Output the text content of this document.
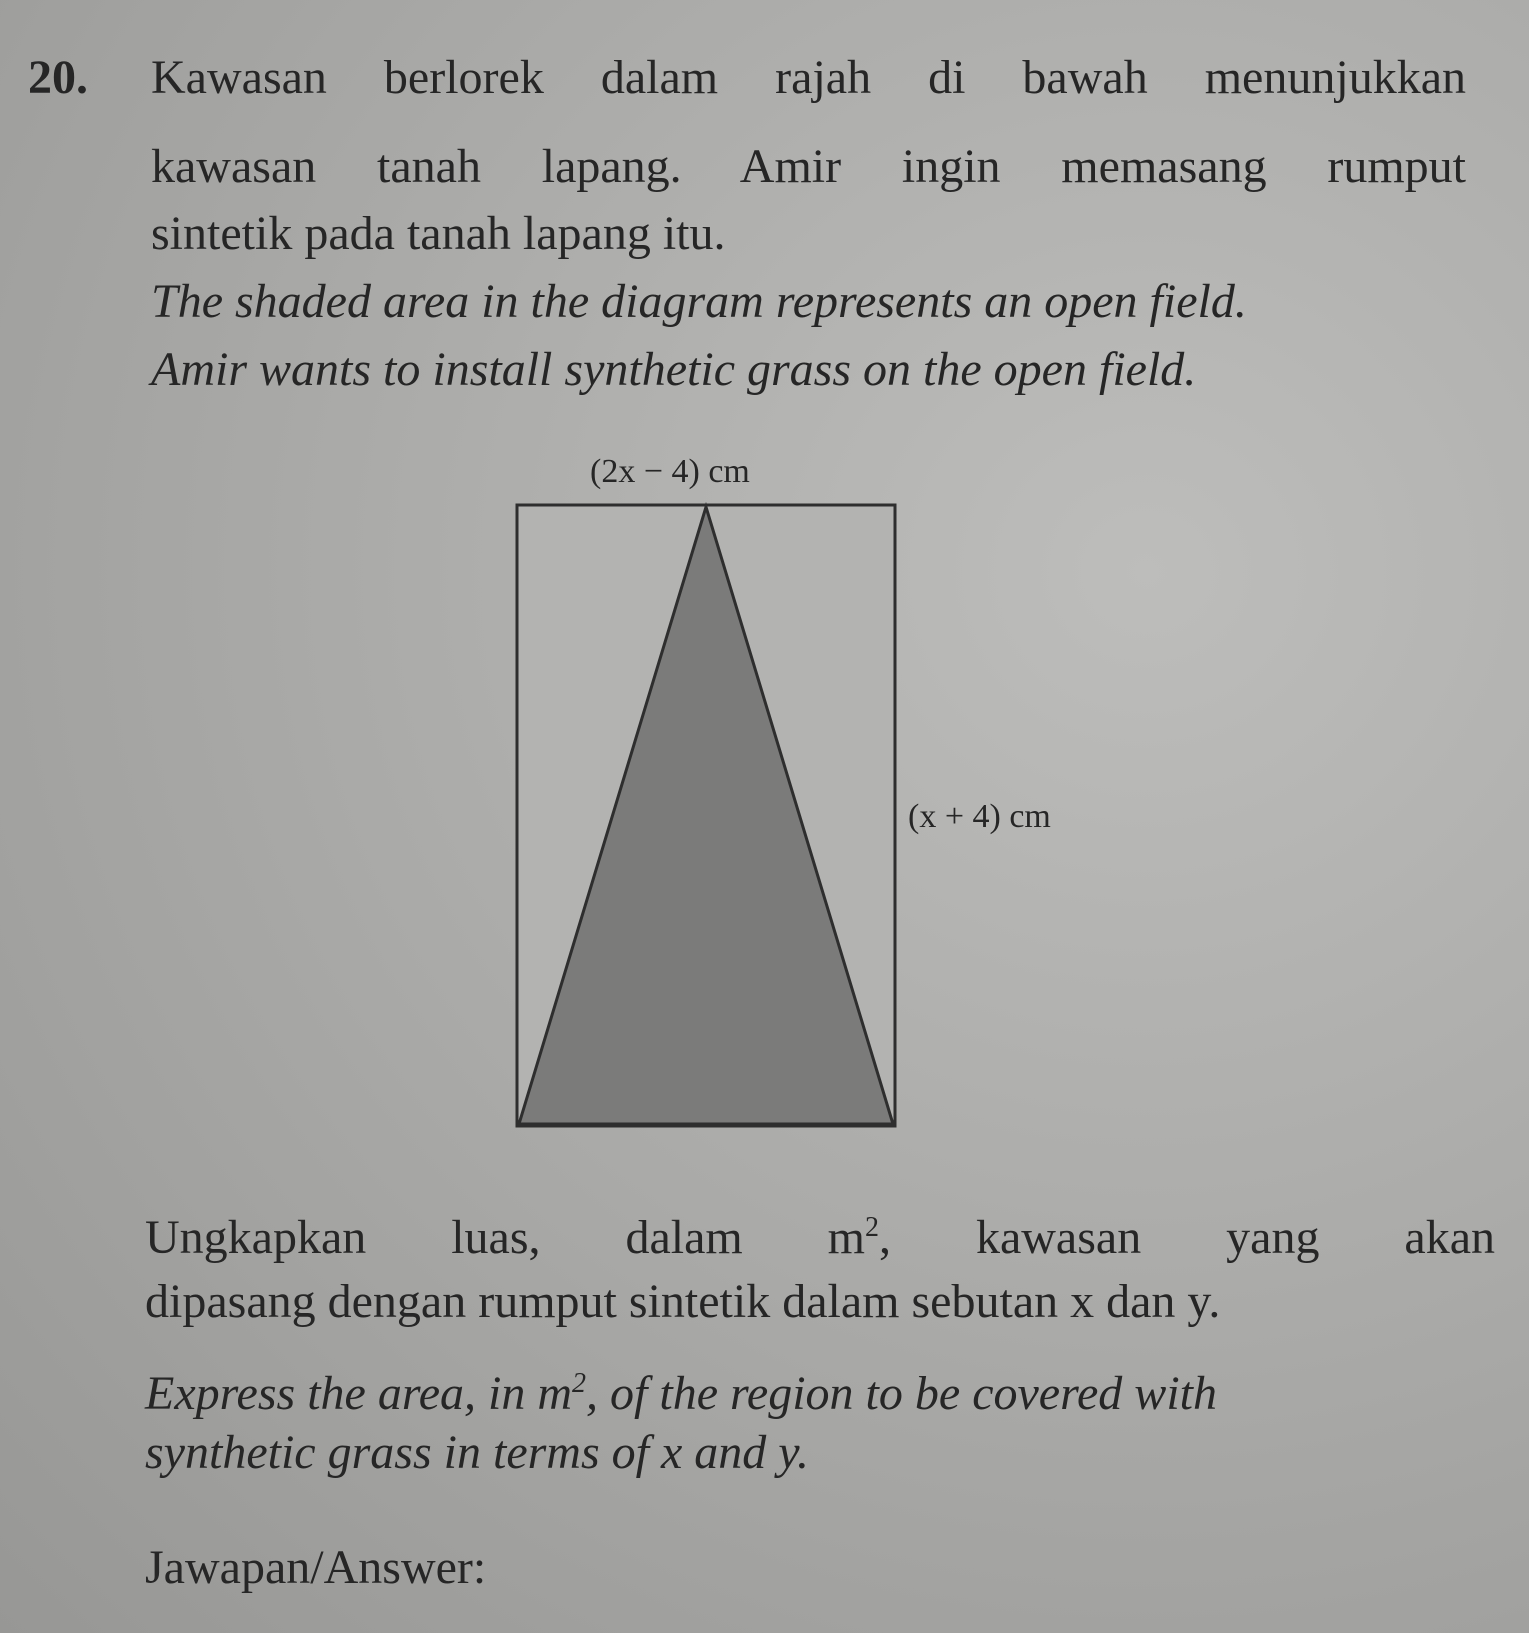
20. Kawasan berlorek dalam rajah di bawah menunjukkan
kawasan tanah lapang. Amir ingin memasang rumput
sintetik pada tanah lapang itu.
The shaded area in the diagram represents an open field.
Amir wants to install synthetic grass on the open field.
(2x − 4) cm
(x + 4) cm
Ungkapkan luas, dalam $m^2$, kawasan yang akan
dipasang dengan rumput sintetik dalam sebutan x dan y.
Express the area, in $m^2$, of the region to be covered with
synthetic grass in terms of x and y.
Jawapan/Answer:
